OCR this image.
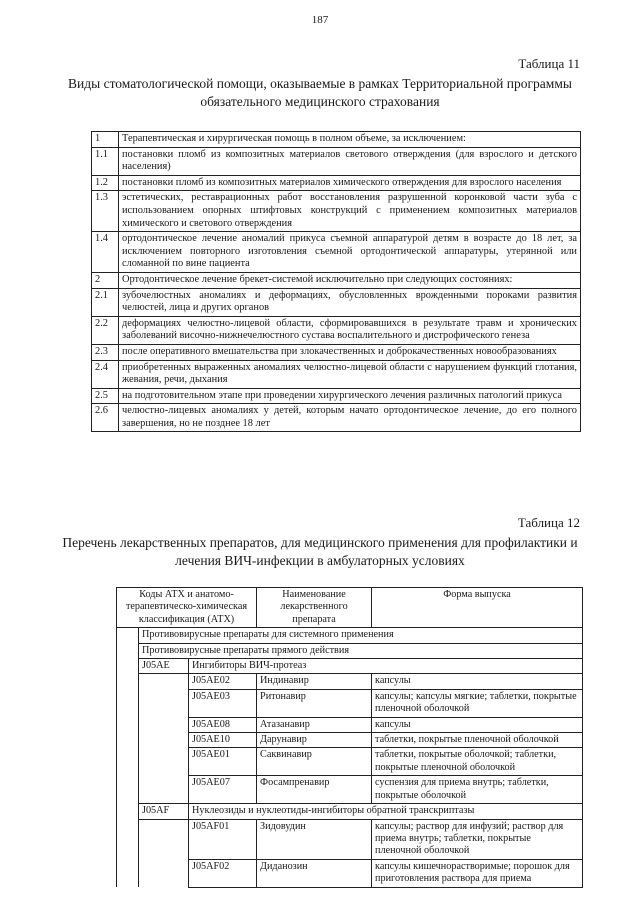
187
Таблица 11
Виды стоматологической помощи, оказываемые в рамках Территориальной программы обязательного медицинского страхования
1	Терапевтическая и хирургическая помощь в полном объеме, за исключением:
1.1	постановки пломб из композитных материалов светового отверждения (для взрослого и детского населения)
1.2	постановки пломб из композитных материалов химического отверждения для взрослого населения
1.3	эстетических, реставрационных работ восстановления разрушенной коронковой части зуба с использованием опорных штифтовых конструкций с применением композитных материалов химического и светового отверждения
1.4	ортодонтическое лечение аномалий прикуса съемной аппаратурой детям в возрасте до 18 лет, за исключением повторного изготовления съемной ортодонтической аппаратуры, утерянной или сломанной по вине пациента
2	Ортодонтическое лечение брекет-системой исключительно при следующих состояниях:
2.1	зубочелюстных аномалиях и деформациях, обусловленных врожденными пороками развития челюстей, лица и других органов
2.2	деформациях челюстно-лицевой области, сформировавшихся в результате травм и хронических заболеваний височно-нижнечелюстного сустава воспалительного и дистрофического генеза
2.3	после оперативного вмешательства при злокачественных и доброкачественных новообразованиях
2.4	приобретенных выраженных аномалиях челюстно-лицевой области с нарушением функций глотания, жевания, речи, дыхания
2.5	на подготовительном этапе при проведении хирургического лечения различных патологий прикуса
2.6	челюстно-лицевых аномалиях у детей, которым начато ортодонтическое лечение, до его полного завершения, но не позднее 18 лет
Таблица 12
Перечень лекарственных препаратов, для медицинского применения для профилактики и лечения ВИЧ-инфекции в амбулаторных условиях
Коды АТХ и анатомо-терапевтическо-химическая классификация (АТХ)			Наименование лекарственного препарата	Форма выпуска
	Противовирусные препараты для системного применения			
	Противовирусные препараты прямого действия			
	J05AE	Ингибиторы ВИЧ-протеаз		
		J05AE02	Индинавир	капсулы
		J05AE03	Ритонавир	капсулы; капсулы мягкие; таблетки, покрытые пленочной оболочкой
		J05AE08	Атазанавир	капсулы
		J05AE10	Дарунавир	таблетки, покрытые пленочной оболочкой
		J05AE01	Саквинавир	таблетки, покрытые оболочкой; таблетки, покрытые пленочной оболочкой
		J05AE07	Фосампренавир	суспензия для приема внутрь; таблетки, покрытые оболочкой
	J05AF	Нуклеозиды и нуклеотиды-ингибиторы обратной транскриптазы		
		J05AF01	Зидовудин	капсулы; раствор для инфузий; раствор для приема внутрь; таблетки, покрытые пленочной оболочкой
		J05AF02	Диданозин	капсулы кишечнорастворимые; порошок для приготовления раствора для приема
